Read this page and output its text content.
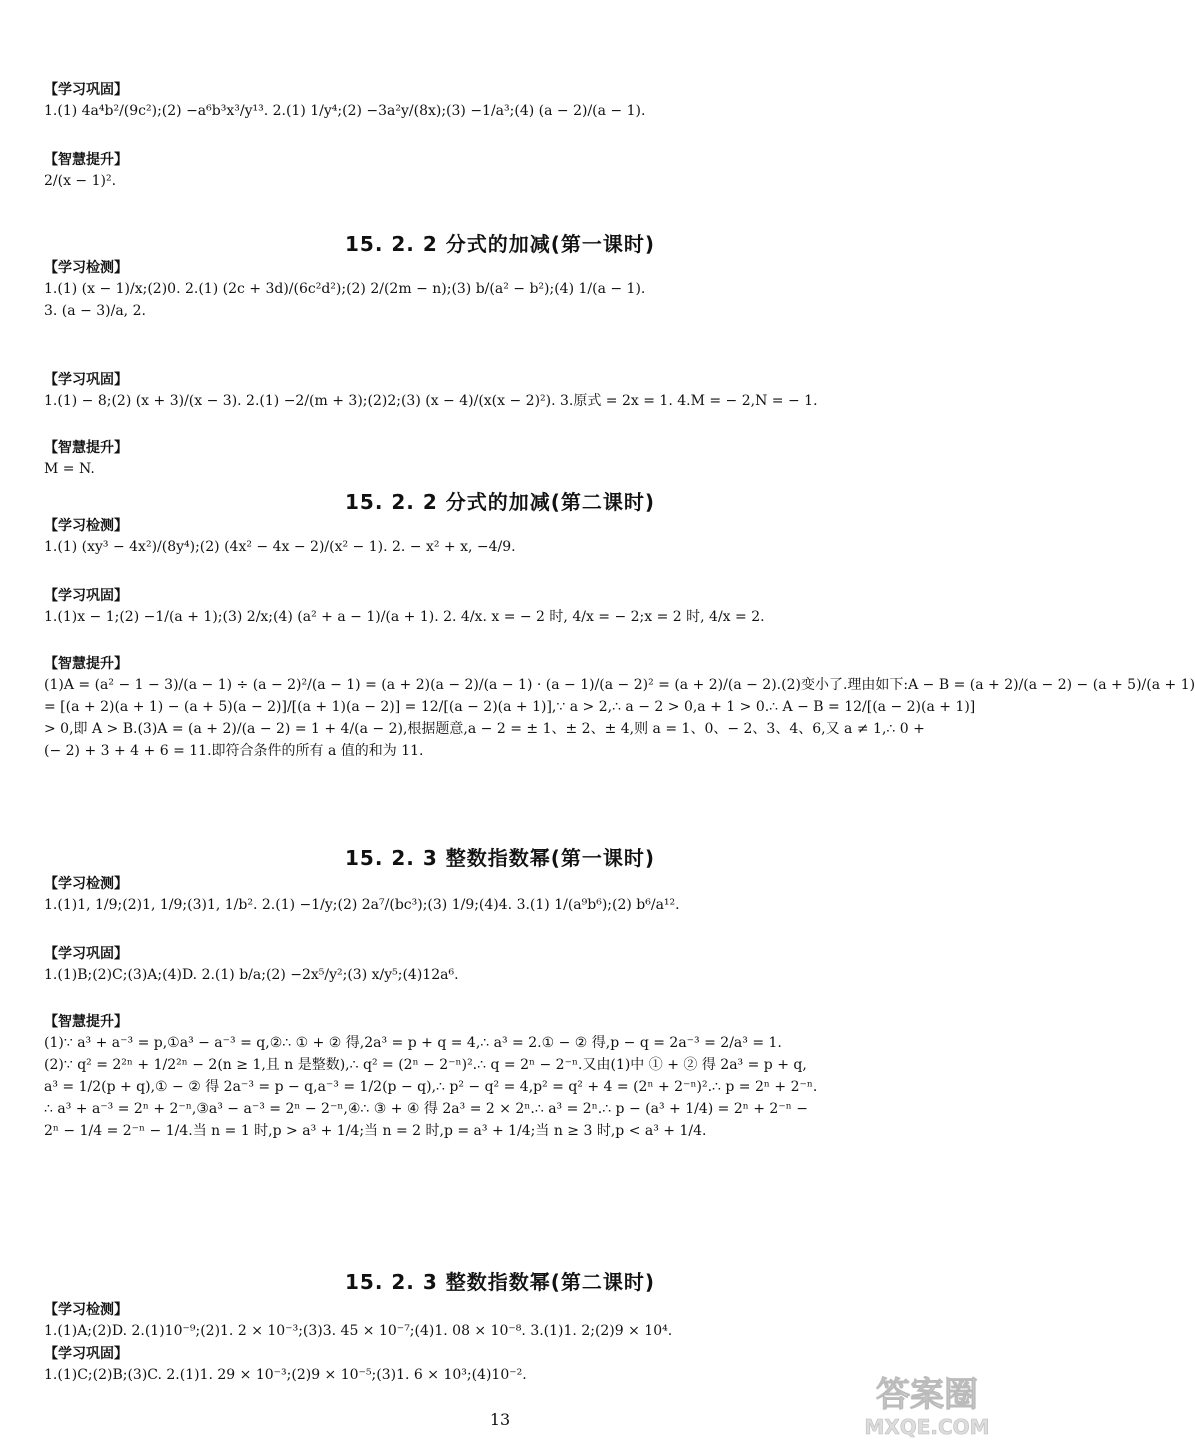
【学习巩固】
1.(1) 4a⁴b²/(9c²);(2) −a⁶b³x³/y¹³. 2.(1) 1/y⁴;(2) −3a²y/(8x);(3) −1/a³;(4) (a − 2)/(a − 1).
【智慧提升】
2/(x − 1)².
15. 2. 2 分式的加减(第一课时)
【学习检测】
1.(1) (x − 1)/x;(2)0. 2.(1) (2c + 3d)/(6c²d²);(2) 2/(2m − n);(3) b/(a² − b²);(4) 1/(a − 1).
3. (a − 3)/a, 2.
【学习巩固】
1.(1) − 8;(2) (x + 3)/(x − 3). 2.(1) −2/(m + 3);(2)2;(3) (x − 4)/(x(x − 2)²). 3.原式 = 2x = 1. 4.M = − 2,N = − 1.
【智慧提升】
M = N.
15. 2. 2 分式的加减(第二课时)
【学习检测】
1.(1) (xy³ − 4x²)/(8y⁴);(2) (4x² − 4x − 2)/(x² − 1). 2. − x² + x, −4/9.
【学习巩固】
1.(1)x − 1;(2) −1/(a + 1);(3) 2/x;(4) (a² + a − 1)/(a + 1). 2. 4/x. x = − 2 时, 4/x = − 2;x = 2 时, 4/x = 2.
【智慧提升】
(1)A = (a² − 1 − 3)/(a − 1) ÷ (a − 2)²/(a − 1) = (a + 2)(a − 2)/(a − 1) · (a − 1)/(a − 2)² = (a + 2)/(a − 2).(2)变小了.理由如下:A − B = (a + 2)/(a − 2) − (a + 5)/(a + 1)
= [(a + 2)(a + 1) − (a + 5)(a − 2)]/[(a + 1)(a − 2)] = 12/[(a − 2)(a + 1)],∵ a > 2,∴ a − 2 > 0,a + 1 > 0.∴ A − B = 12/[(a − 2)(a + 1)]
> 0,即 A > B.(3)A = (a + 2)/(a − 2) = 1 + 4/(a − 2),根据题意,a − 2 = ± 1、± 2、± 4,则 a = 1、0、− 2、3、4、6,又 a ≠ 1,∴ 0 +
(− 2) + 3 + 4 + 6 = 11.即符合条件的所有 a 值的和为 11.
15. 2. 3 整数指数幂(第一课时)
【学习检测】
1.(1)1, 1/9;(2)1, 1/9;(3)1, 1/b². 2.(1) −1/y;(2) 2a⁷/(bc³);(3) 1/9;(4)4. 3.(1) 1/(a⁹b⁶);(2) b⁶/a¹².
【学习巩固】
1.(1)B;(2)C;(3)A;(4)D. 2.(1) b/a;(2) −2x⁵/y²;(3) x/y⁵;(4)12a⁶.
【智慧提升】
(1)∵ a³ + a⁻³ = p,①a³ − a⁻³ = q,②∴ ① + ② 得,2a³ = p + q = 4,∴ a³ = 2.① − ② 得,p − q = 2a⁻³ = 2/a³ = 1.
(2)∵ q² = 2²ⁿ + 1/2²ⁿ − 2(n ≥ 1,且 n 是整数),∴ q² = (2ⁿ − 2⁻ⁿ)².∴ q = 2ⁿ − 2⁻ⁿ.又由(1)中 ① + ② 得 2a³ = p + q,
a³ = 1/2(p + q),① − ② 得 2a⁻³ = p − q,a⁻³ = 1/2(p − q),∴ p² − q² = 4,p² = q² + 4 = (2ⁿ + 2⁻ⁿ)².∴ p = 2ⁿ + 2⁻ⁿ.
∴ a³ + a⁻³ = 2ⁿ + 2⁻ⁿ,③a³ − a⁻³ = 2ⁿ − 2⁻ⁿ,④∴ ③ + ④ 得 2a³ = 2 × 2ⁿ.∴ a³ = 2ⁿ.∴ p − (a³ + 1/4) = 2ⁿ + 2⁻ⁿ −
2ⁿ − 1/4 = 2⁻ⁿ − 1/4.当 n = 1 时,p > a³ + 1/4;当 n = 2 时,p = a³ + 1/4;当 n ≥ 3 时,p < a³ + 1/4.
15. 2. 3 整数指数幂(第二课时)
【学习检测】
1.(1)A;(2)D. 2.(1)10⁻⁹;(2)1. 2 × 10⁻³;(3)3. 45 × 10⁻⁷;(4)1. 08 × 10⁻⁸. 3.(1)1. 2;(2)9 × 10⁴.
【学习巩固】
1.(1)C;(2)B;(3)C. 2.(1)1. 29 × 10⁻³;(2)9 × 10⁻⁵;(3)1. 6 × 10³;(4)10⁻².
13
答案圈
MXQE.COM
